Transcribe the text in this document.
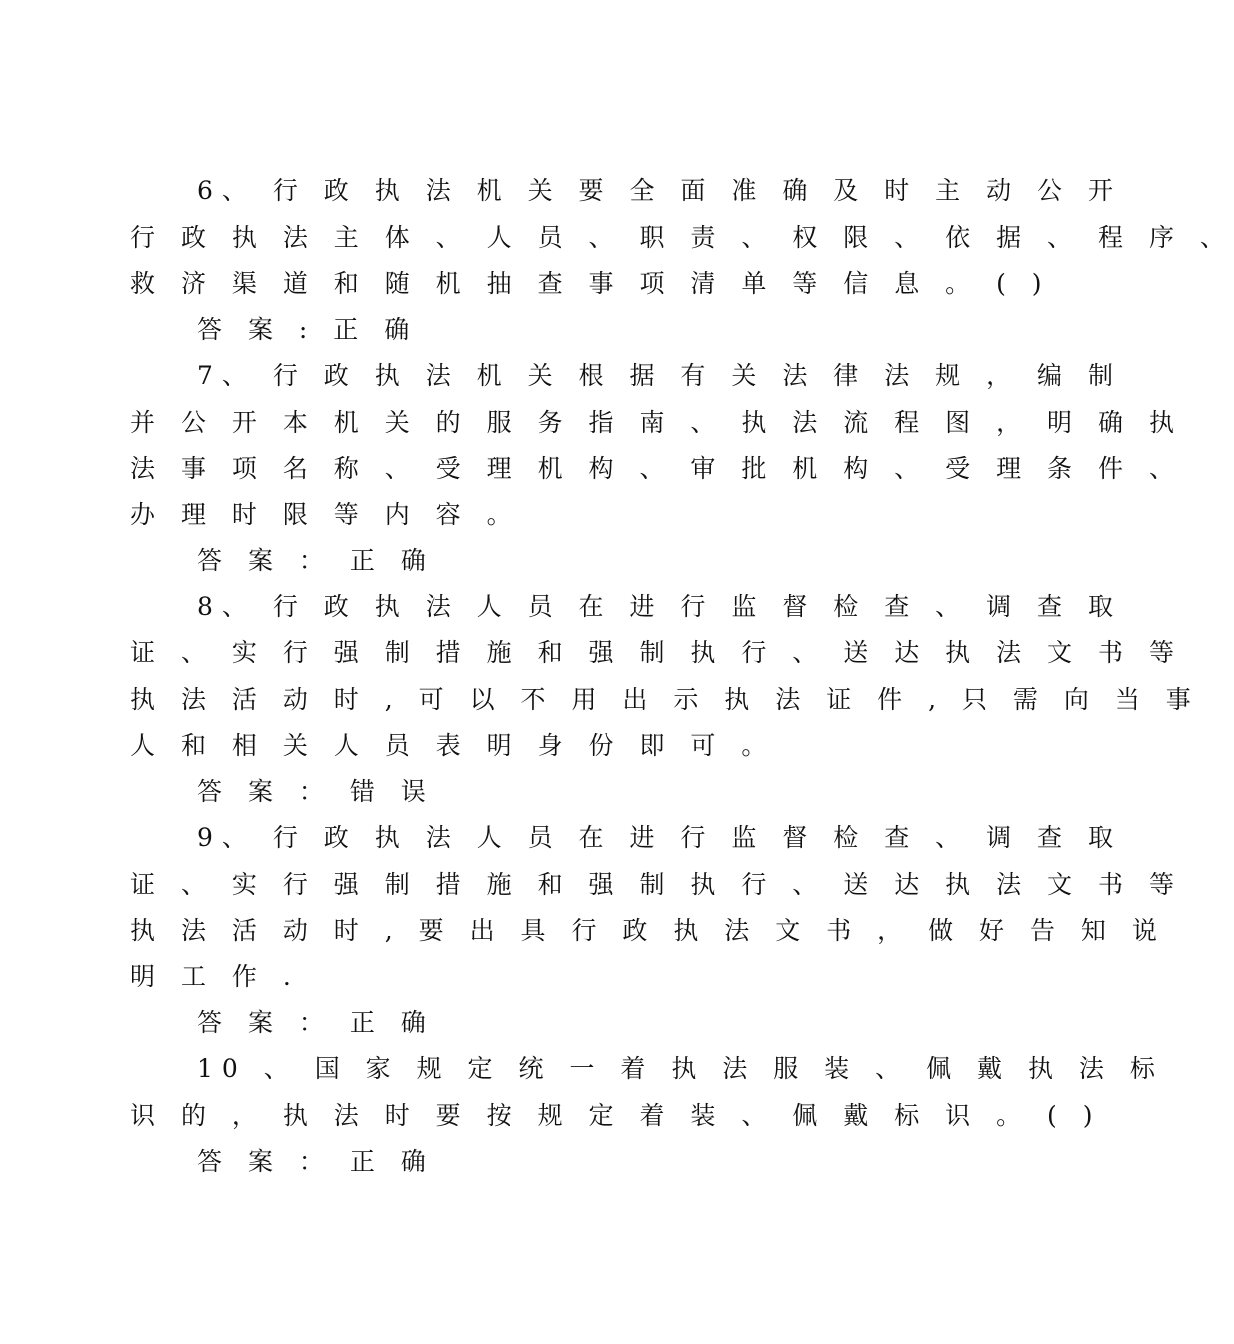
6、 行 政 执 法 机 关 要 全 面 准 确 及 时 主 动 公 开
行 政 执 法 主 体 、 人 员 、 职 责 、 权 限 、 依 据 、 程 序 、
救 济 渠 道 和 随 机 抽 查 事 项 清 单 等 信 息 。 ( )
答 案 : 正 确
7、 行 政 执 法 机 关 根 据 有 关 法 律 法 规 ， 编 制
并 公 开 本 机 关 的 服 务 指 南 、 执 法 流 程 图 ， 明 确 执
法 事 项 名 称 、 受 理 机 构 、 审 批 机 构 、 受 理 条 件 、
办 理 时 限 等 内 容 。
答 案 ： 正 确
8、 行 政 执 法 人 员 在 进 行 监 督 检 查 、 调 查 取
证 、 实 行 强 制 措 施 和 强 制 执 行 、 送 达 执 法 文 书 等
执 法 活 动 时 , 可 以 不 用 出 示 执 法 证 件 , 只 需 向 当 事
人 和 相 关 人 员 表 明 身 份 即 可 。
答 案 ： 错 误
9、 行 政 执 法 人 员 在 进 行 监 督 检 查 、 调 查 取
证 、 实 行 强 制 措 施 和 强 制 执 行 、 送 达 执 法 文 书 等
执 法 活 动 时 , 要 出 具 行 政 执 法 文 书 ， 做 好 告 知 说
明 工 作 .
答 案 ： 正 确
10 、 国 家 规 定 统 一 着 执 法 服 装 、 佩 戴 执 法 标
识 的 ， 执 法 时 要 按 规 定 着 装 、 佩 戴 标 识 。 ( )
答 案 ： 正 确
